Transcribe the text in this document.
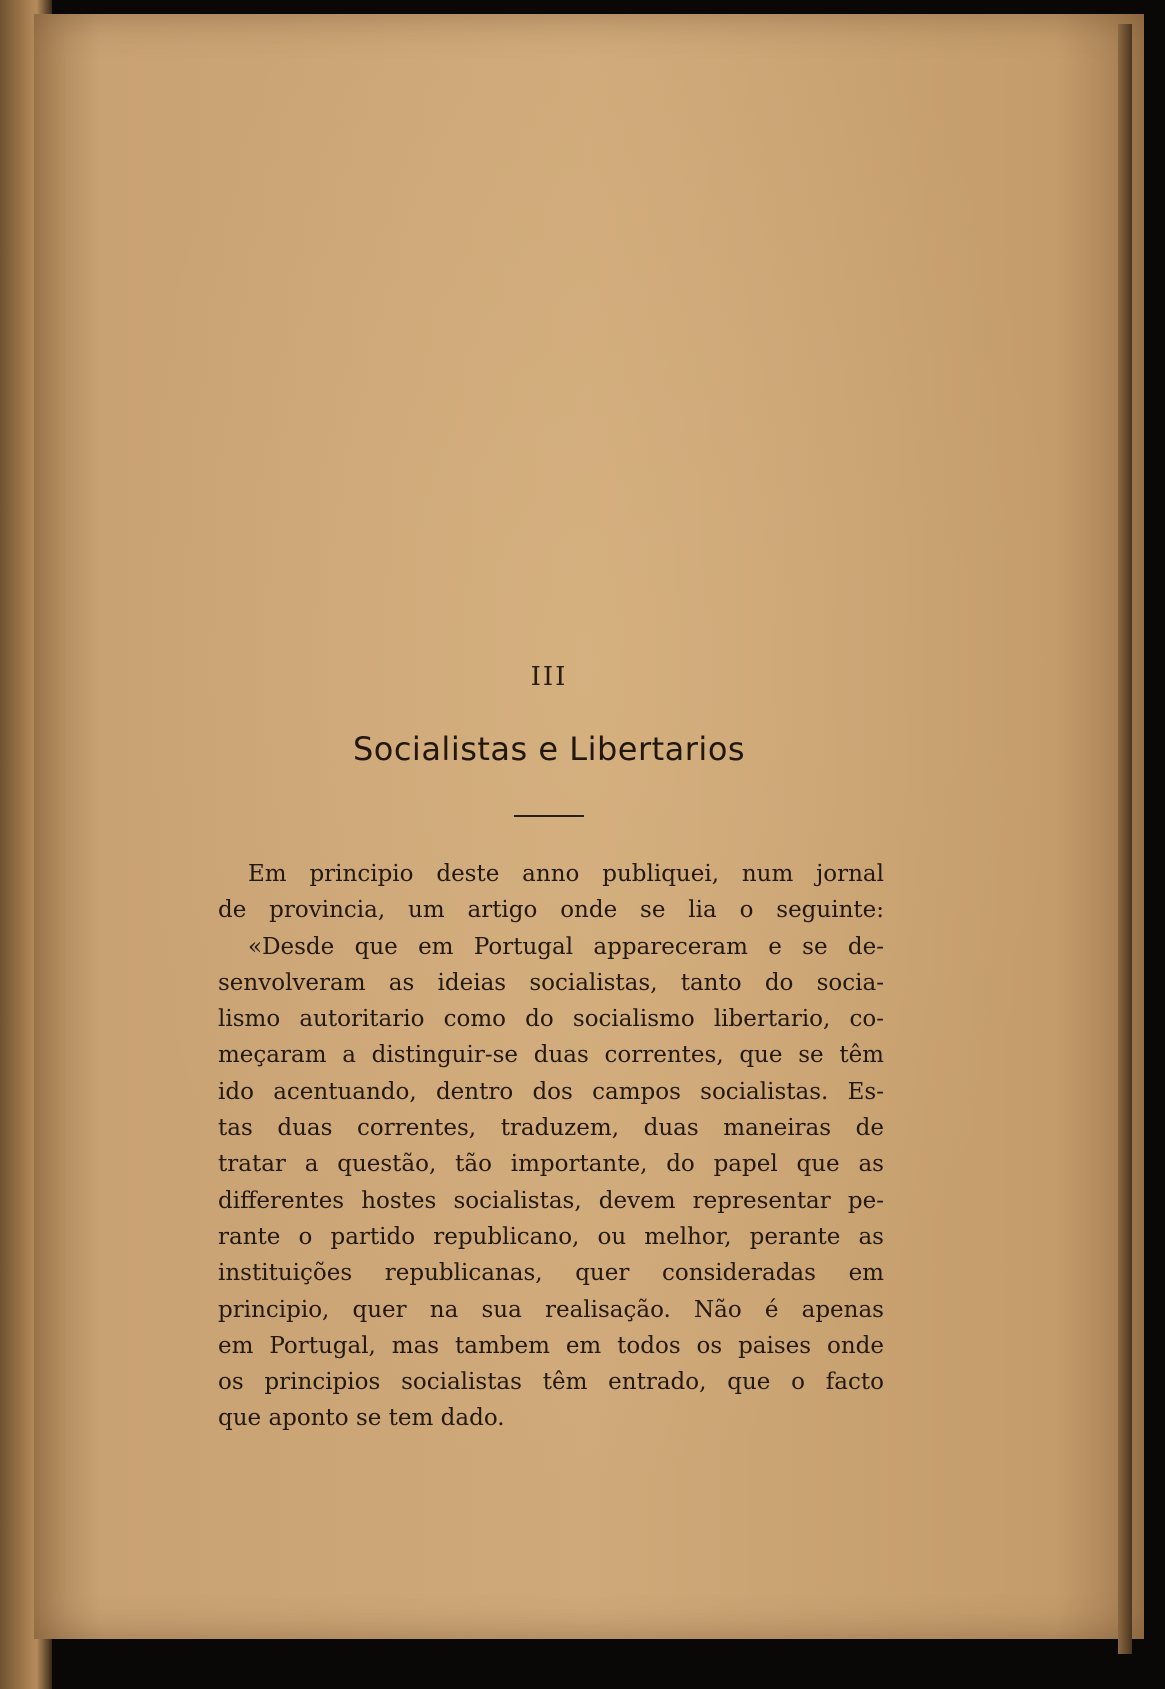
III
Socialistas e Libertarios
Em principio deste anno publiquei, num jornal
de provincia, um artigo onde se lia o seguinte:
«Desde que em Portugal appareceram e se de-
senvolveram as ideias socialistas, tanto do socia-
lismo autoritario como do socialismo libertario, co-
meçaram a distinguir-se duas correntes, que se têm
ido acentuando, dentro dos campos socialistas. Es-
tas duas correntes, traduzem, duas maneiras de
tratar a questão, tão importante, do papel que as
differentes hostes socialistas, devem representar pe-
rante o partido republicano, ou melhor, perante as
instituições republicanas, quer consideradas em
principio, quer na sua realisação. Não é apenas
em Portugal, mas tambem em todos os paises onde
os principios socialistas têm entrado, que o facto
que aponto se tem dado.
